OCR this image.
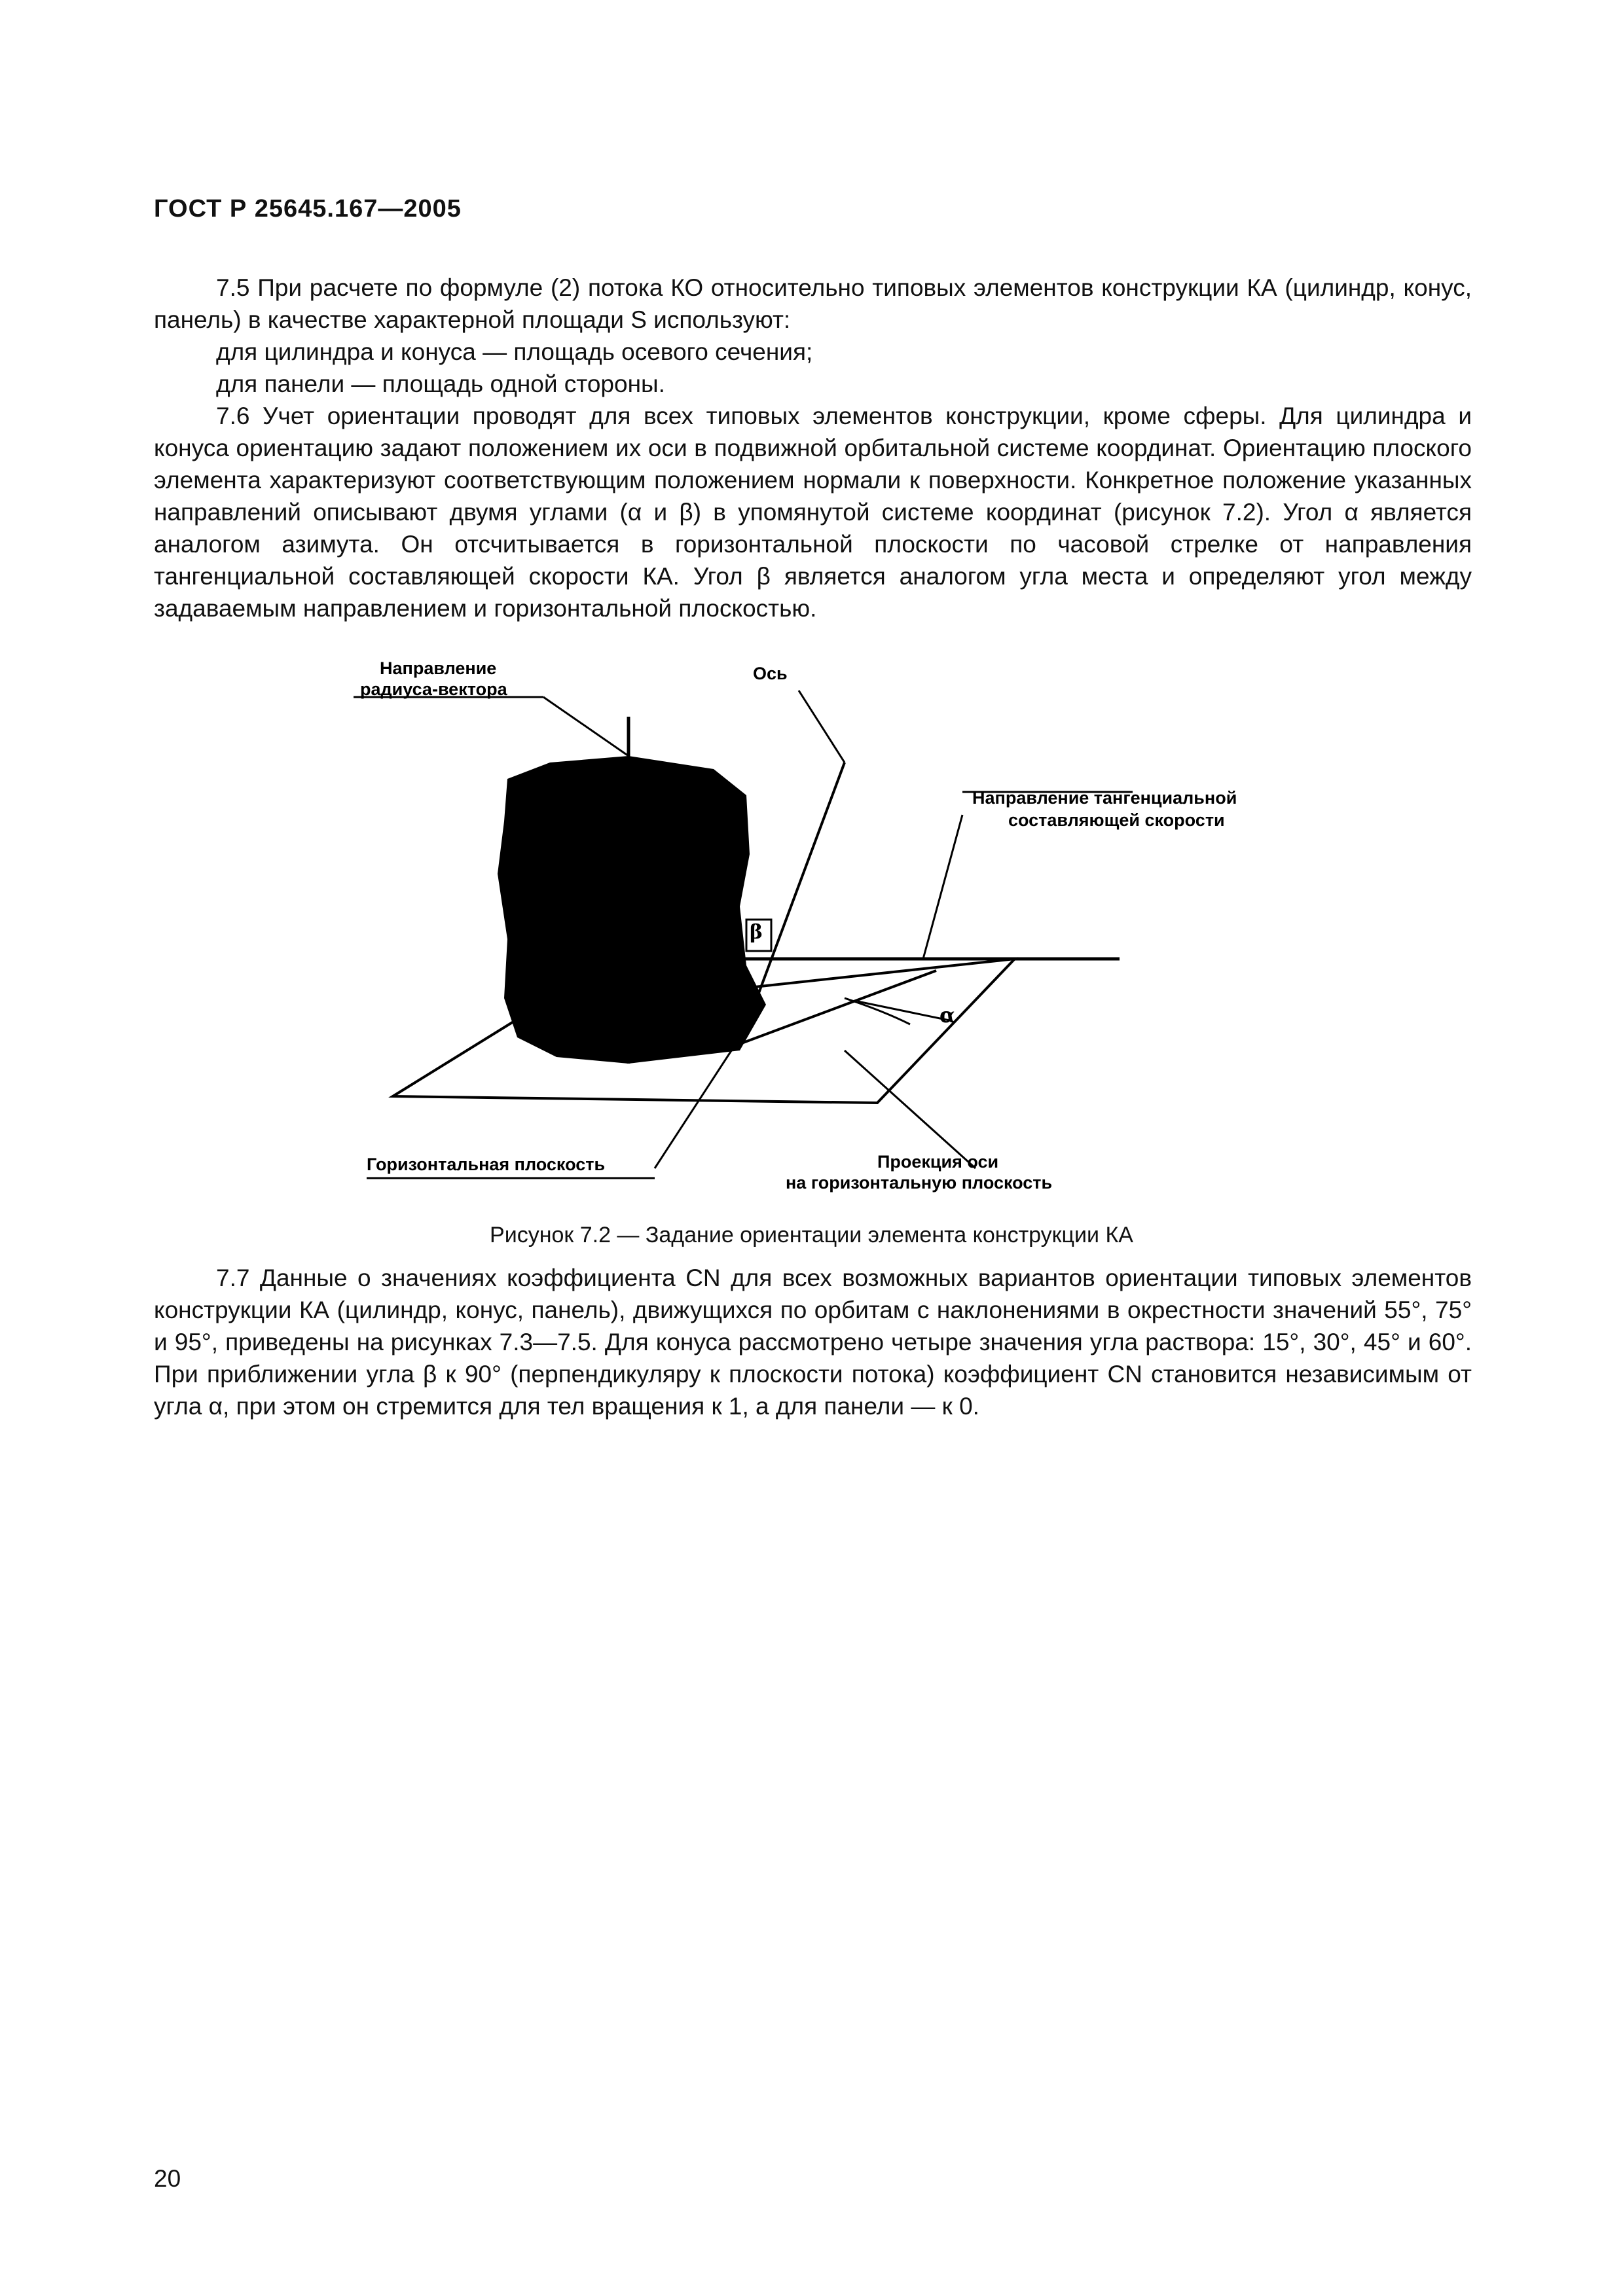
ГОСТ Р 25645.167—2005

7.5 При расчете по формуле (2) потока КО относительно типовых элементов конструкции КА (цилиндр, конус, панель) в качестве характерной площади S используют:

для цилиндра и конуса — площадь осевого сечения;

для панели — площадь одной стороны.

7.6 Учет ориентации проводят для всех типовых элементов конструкции, кроме сферы. Для цилиндра и конуса ориентацию задают положением их оси в подвижной орбитальной системе координат. Ориентацию плоского элемента характеризуют соответствующим положением нормали к поверхности. Конкретное положение указанных направлений описывают двумя углами (α и β) в упомянутой системе координат (рисунок 7.2). Угол α является аналогом азимута. Он отсчитывается в горизонтальной плоскости по часовой стрелке от направления тангенциальной составляющей скорости КА. Угол β является аналогом угла места и определяют угол между задаваемым направлением и горизонтальной плоскостью.

Направление
радиуса-вектора
Ось
Направление тангенциальной
составляющей скорости
Горизонтальная плоскость	Проекция оси
на горизонтальную плоскость
β
α
Рисунок 7.2 — Задание ориентации элемента конструкции КА

7.7 Данные о значениях коэффициента CN для всех возможных вариантов ориентации типовых элементов конструкции КА (цилиндр, конус, панель), движущихся по орбитам с наклонениями в окрестности значений 55°, 75° и 95°, приведены на рисунках 7.3—7.5. Для конуса рассмотрено четыре значения угла раствора: 15°, 30°, 45° и 60°. При приближении угла β к 90° (перпендикуляру к плоскости потока) коэффициент CN становится независимым от угла α, при этом он стремится для тел вращения к 1, а для панели — к 0.

20
